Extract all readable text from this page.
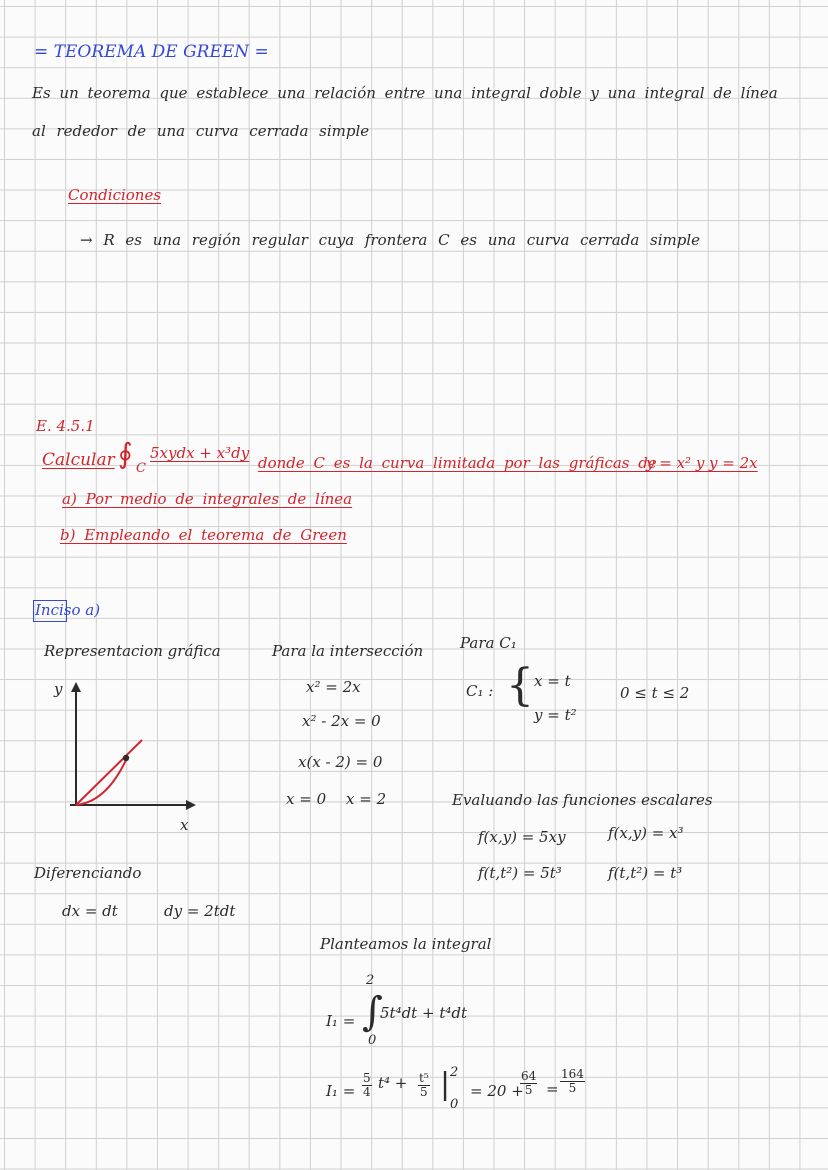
= TEOREMA DE GREEN =
Es un teorema que establece una relación entre una integral doble y una integral de línea
al rededor de una curva cerrada simple
Condiciones
→ R es una región regular cuya frontera C es una curva cerrada simple
E. 4.5.1
Calcular ∮ C
5xydx + x³dy
donde C es la curva limitada por las gráficas de
y = x² y y = 2x
a) Por medio de integrales de línea
b) Empleando el teorema de Green
Inciso a)
Representacion gráfica
y
x
Para la intersección
x² = 2x
x² - 2x = 0
x(x - 2) = 0
x = 0 x = 2
Para C₁
C₁ : { x = t
y = t²
0 ≤ t ≤ 2
Evaluando las funciones escalares
f(x,y) = 5xy	f(x,y) = x³
f(t,t²) = 5t³	f(t,t²) = t³
Diferenciando
dx = dt	dy = 2tdt
Planteamos la integral
2
I₁ = ∫
5t⁴dt + t⁴dt
0
$I_1 = \frac{5}{4} t^4 + \frac{\text{t⁵}}{5}$ | 2
0
= 20 +
$\frac{64}{5} = \frac{164}{5}$
